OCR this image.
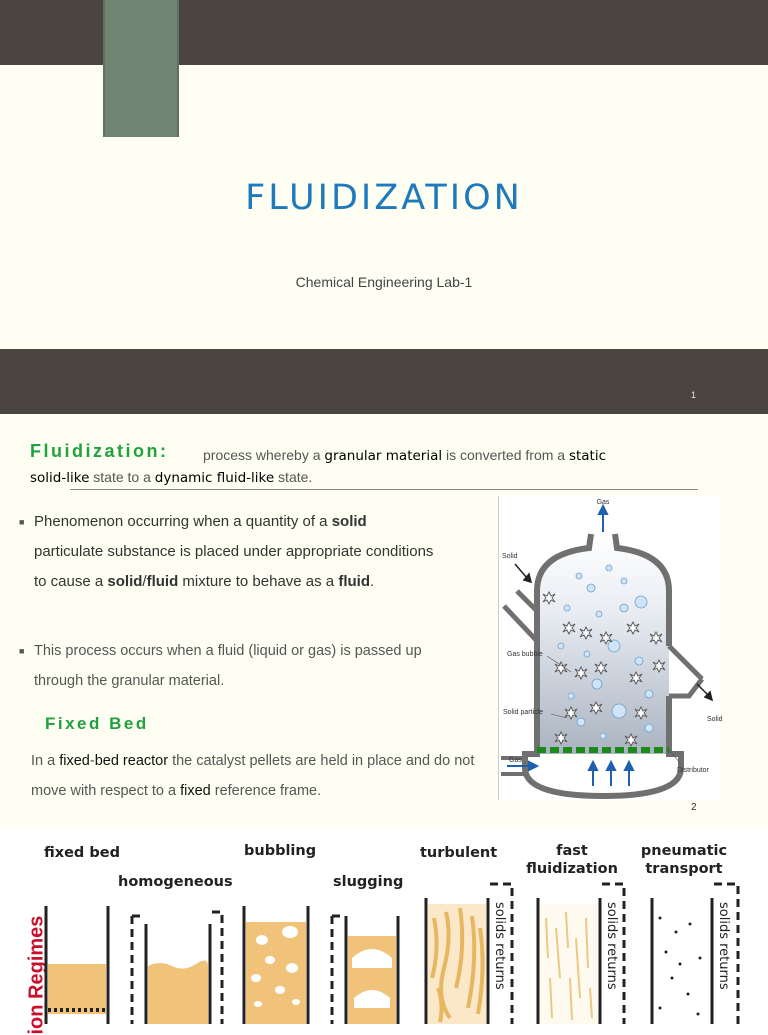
FLUIDIZATION
Chemical Engineering Lab-1
1
Fluidization: process whereby a granular material is converted from a static
solid-like state to a dynamic fluid-like state.
■ Phenomenon occurring when a quantity of a solid particulate substance is placed under appropriate conditions to cause a solid/fluid mixture to behave as a fluid.
■ This process occurs when a fluid (liquid or gas) is passed up through the granular material.
Fixed Bed
In a fixed-bed reactor the catalyst pellets are held in place and do not move with respect to a fixed reference frame.
Gas
Solid
Gas bubble
Solid particle
Solid
Gas
Distributor
2
ion Regimes
fixed bed
homogeneous
bubbling
slugging
turbulent	fast fluidization
pneumatic transport
solids returns	solids returns	solids returns
